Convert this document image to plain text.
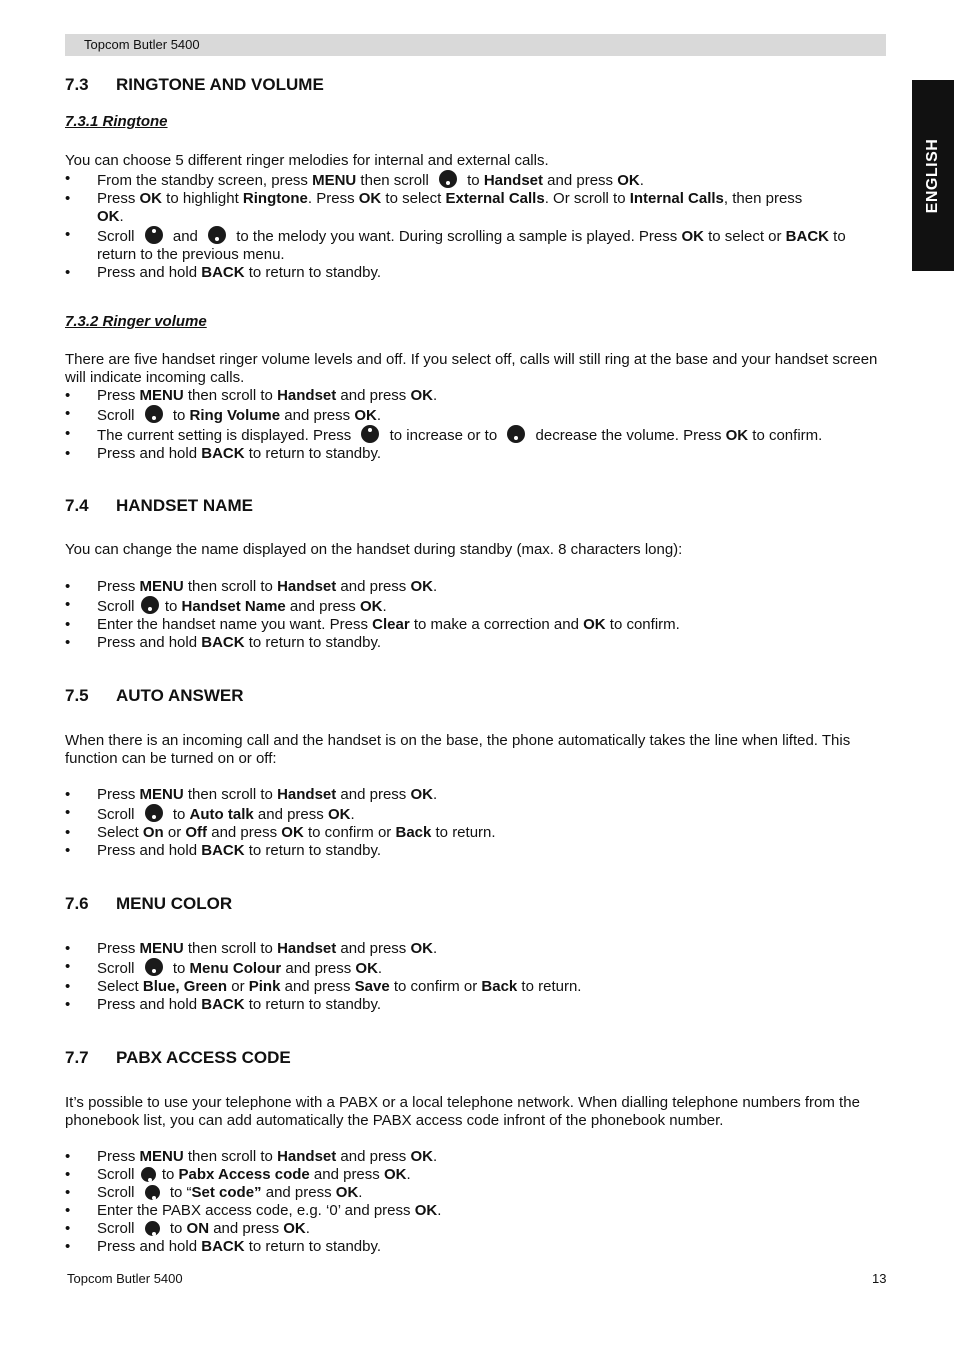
Topcom Butler 5400
ENGLISH
7.3 RINGTONE AND VOLUME
7.3.1 Ringtone
You can choose 5 different ringer melodies for internal and external calls.
• From the standby screen, press MENU then scroll  to Handset and press OK.
• Press OK to highlight Ringtone. Press OK to select External Calls. Or scroll to Internal Calls, then press
OK.
• Scroll  and  to the melody you want. During scrolling a sample is played. Press OK to select or BACK to return to the previous menu.
• Press and hold BACK to return to standby.
7.3.2 Ringer volume
There are five handset ringer volume levels and off. If you select off, calls will still ring at the base and your handset screen will indicate incoming calls.
• Press MENU then scroll to Handset and press OK.
• Scroll  to Ring Volume and press OK.
• The current setting is displayed. Press  to increase or to  decrease the volume. Press OK to confirm.
• Press and hold BACK to return to standby.
7.4 HANDSET NAME
You can change the name displayed on the handset during standby (max. 8 characters long):
• Press MENU then scroll to Handset and press OK.
• Scroll  to Handset Name and press OK.
• Enter the handset name you want. Press Clear to make a correction and OK to confirm.
• Press and hold BACK to return to standby.
7.5 AUTO ANSWER
When there is an incoming call and the handset is on the base, the phone automatically takes the line when lifted. This function can be turned on or off:
• Press MENU then scroll to Handset and press OK.
• Scroll  to Auto talk and press OK.
• Select On or Off and press OK to confirm or Back to return.
• Press and hold BACK to return to standby.
7.6 MENU COLOR
• Press MENU then scroll to Handset and press OK.
• Scroll  to Menu Colour and press OK.
• Select Blue, Green or Pink and press Save to confirm or Back to return.
• Press and hold BACK to return to standby.
7.7 PABX ACCESS CODE
It’s possible to use your telephone with a PABX or a local telephone network. When dialling telephone numbers from the phonebook list, you can add automatically the PABX access code infront of the phonebook number.
• Press MENU then scroll to Handset and press OK.
• Scroll  to Pabx Access code and press OK.
• Scroll  to “Set code” and press OK.
• Enter the PABX access code, e.g. ‘0’ and press OK.
• Scroll  to ON and press OK.
• Press and hold BACK to return to standby.
Topcom Butler 5400	13
